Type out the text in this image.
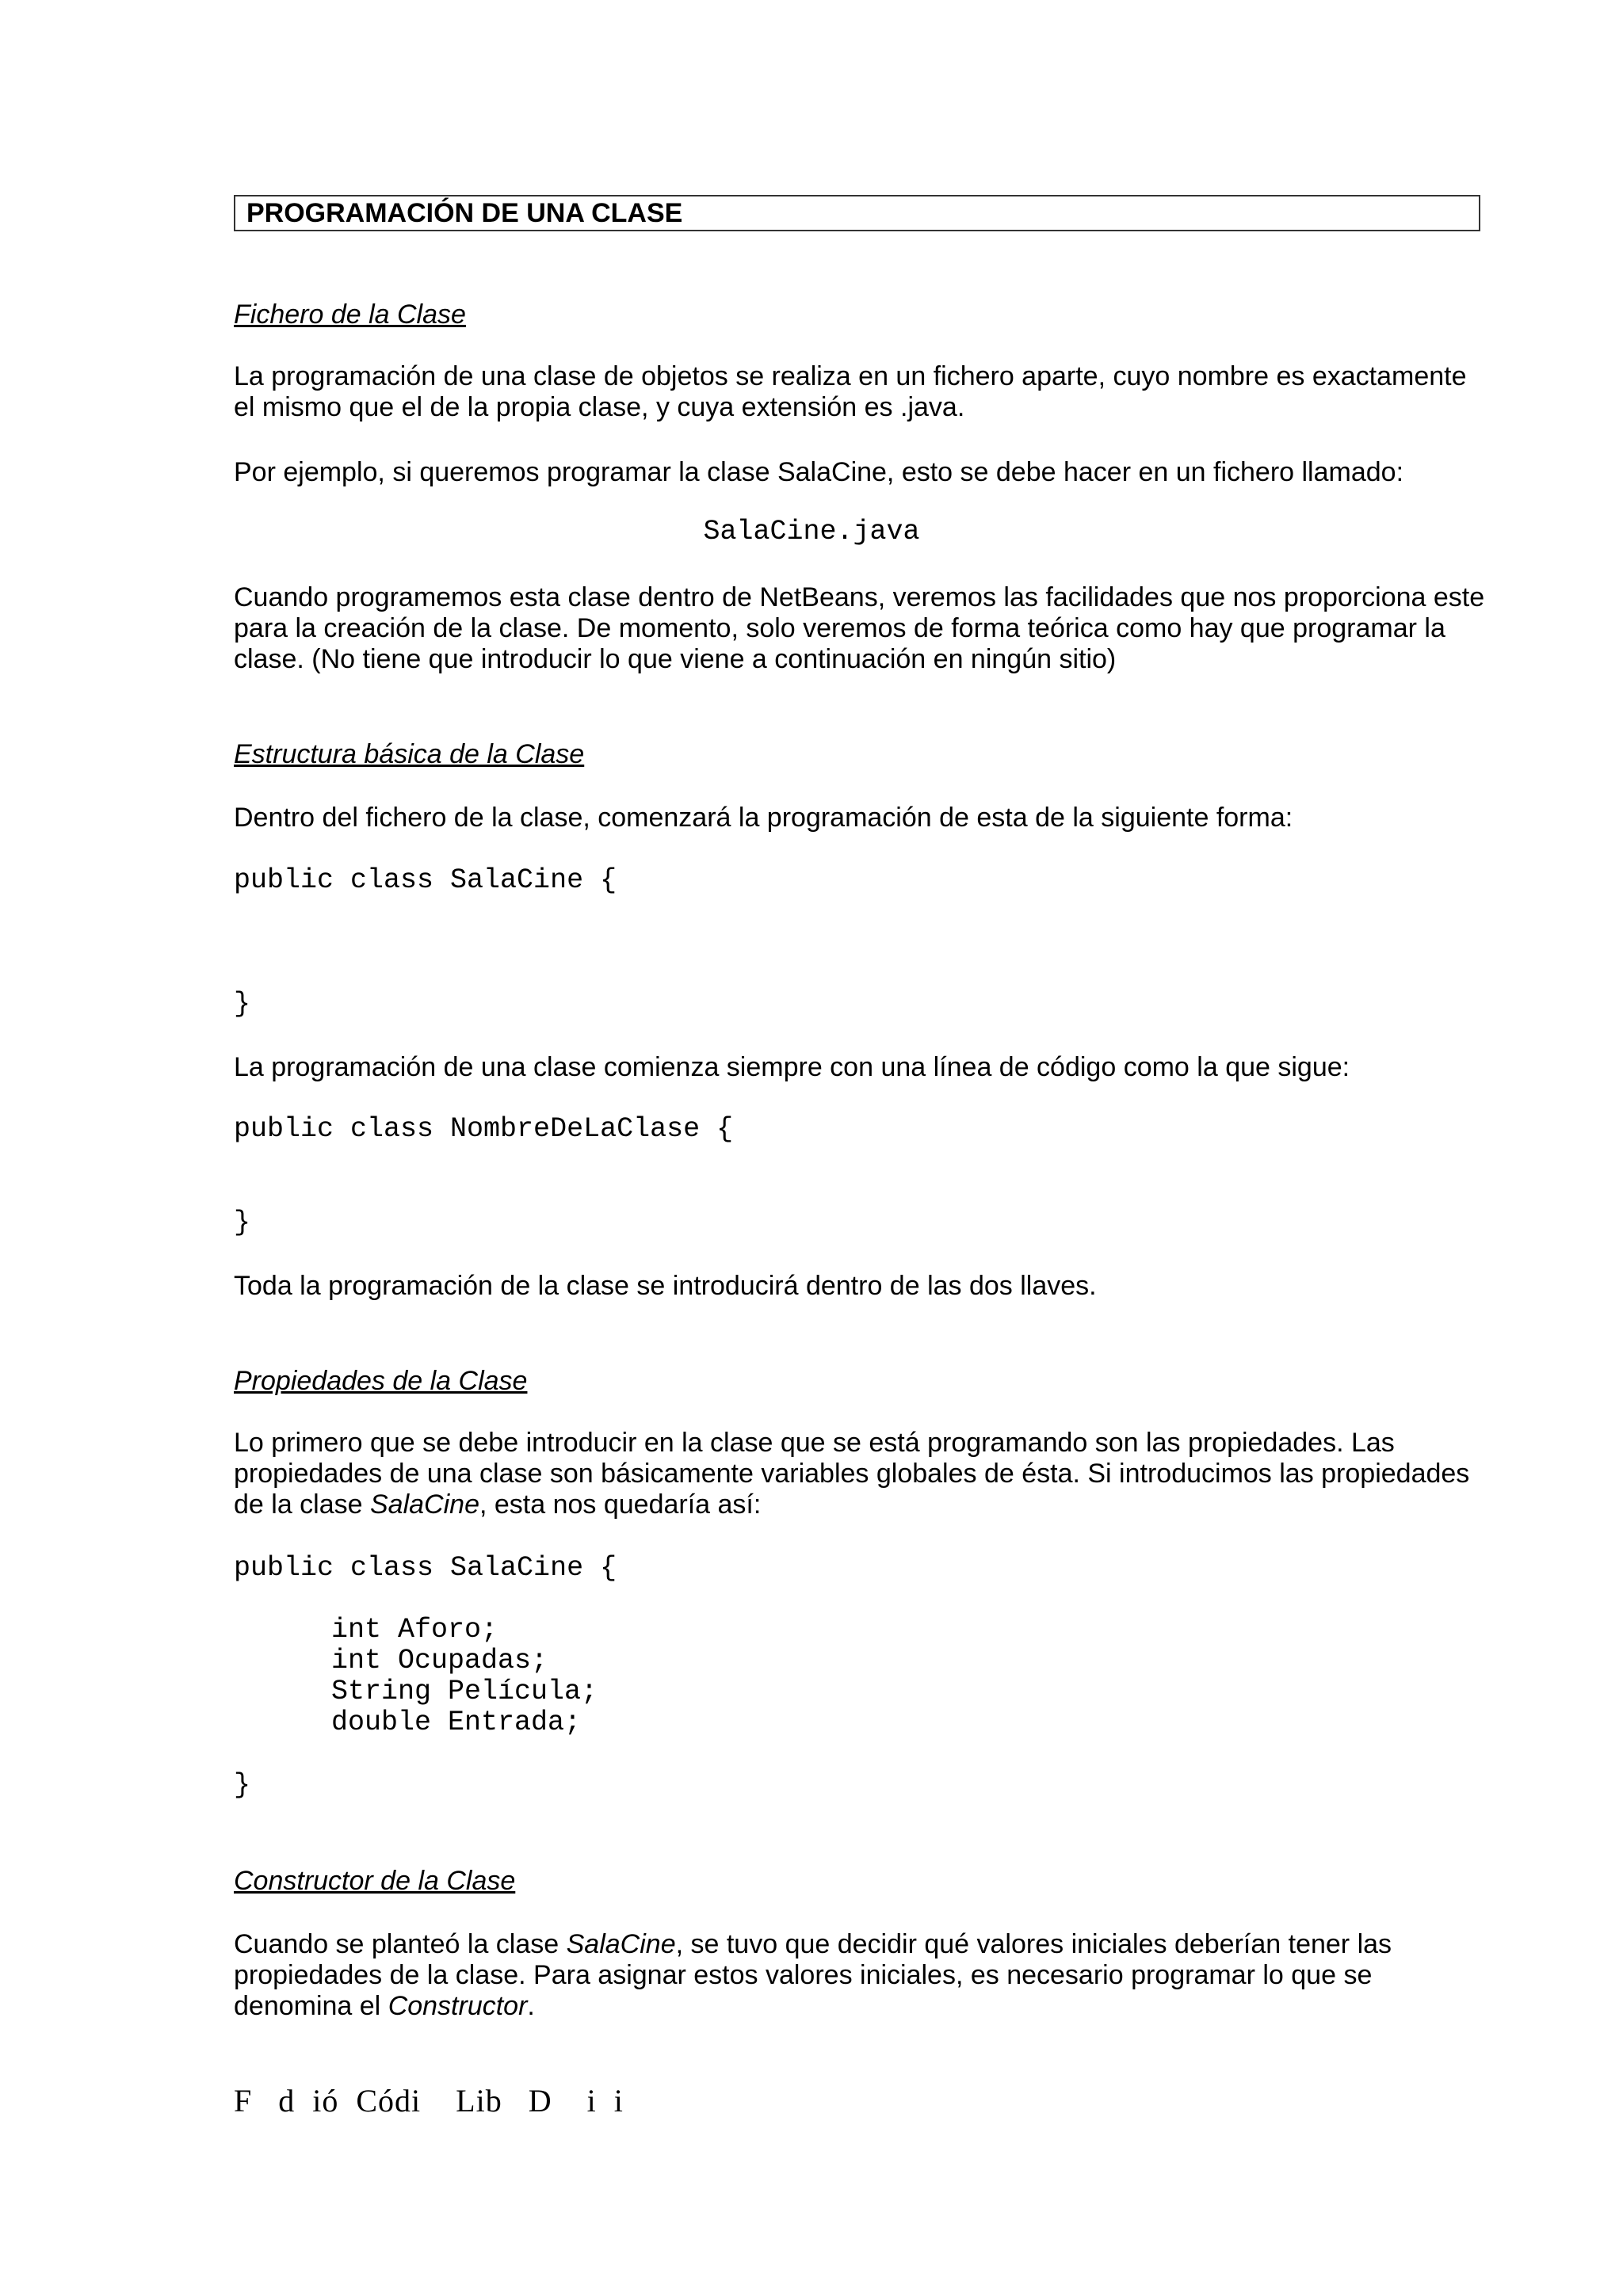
PROGRAMACIÓN DE UNA CLASE

Fichero de la Clase

La programación de una clase de objetos se realiza en un fichero aparte, cuyo nombre es exactamente el mismo que el de la propia clase, y cuya extensión es .java.

Por ejemplo, si queremos programar la clase SalaCine, esto se debe hacer en un fichero llamado:

SalaCine.java

Cuando programemos esta clase dentro de NetBeans, veremos las facilidades que nos proporciona este para la creación de la clase. De momento, solo veremos de forma teórica como hay que programar la clase. (No tiene que introducir lo que viene a continuación en ningún sitio)

Estructura básica de la Clase

Dentro del fichero de la clase, comenzará la programación de esta de la siguiente forma:

public class SalaCine {
}

La programación de una clase comienza siempre con una línea de código como la que sigue:

public class NombreDeLaClase {
}

Toda la programación de la clase se introducirá dentro de las dos llaves.

Propiedades de la Clase

Lo primero que se debe introducir en la clase que se está programando son las propiedades. Las propiedades de una clase son básicamente variables globales de ésta. Si introducimos las propiedades de la clase SalaCine, esta nos quedaría así:

public class SalaCine {
int Aforo;
int Ocupadas;
String Película;
double Entrada;
}

Constructor de la Clase

Cuando se planteó la clase SalaCine, se tuvo que decidir qué valores iniciales deberían tener las propiedades de la clase. Para asignar estos valores iniciales, es necesario programar lo que se denomina el Constructor.

F   d  ió  Códi    Lib   D    i  i
